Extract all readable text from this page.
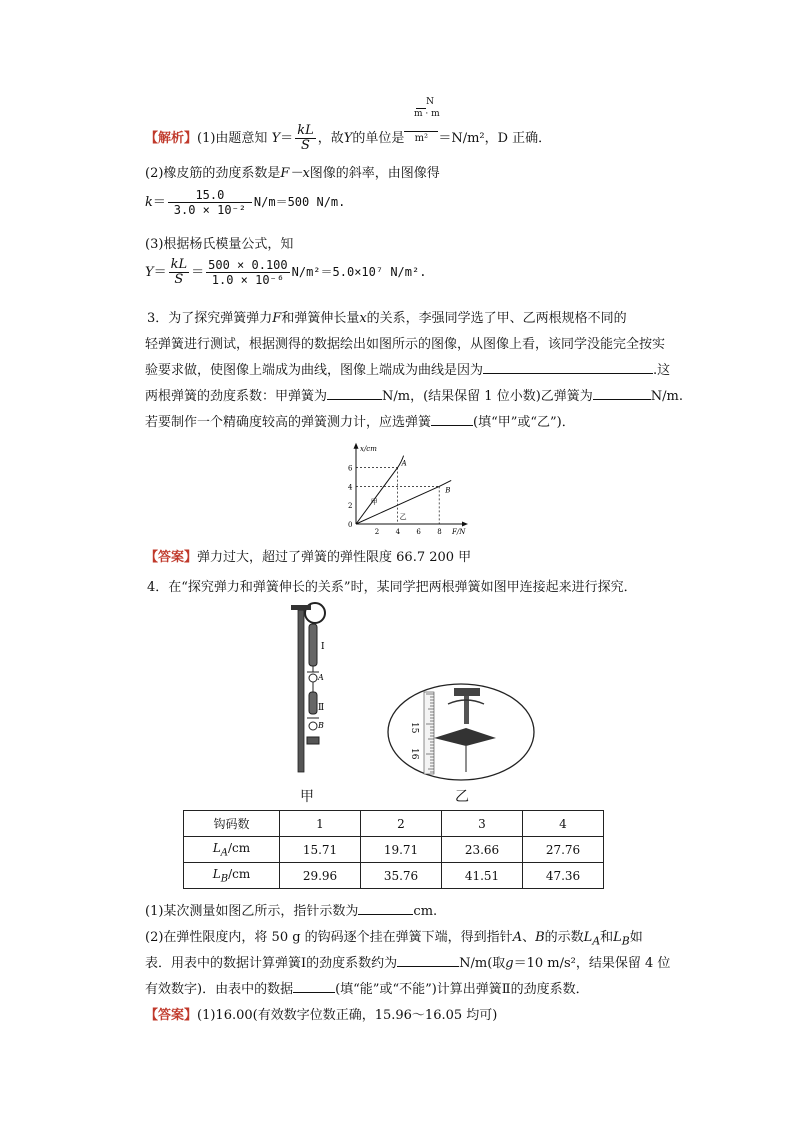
N
m · m
【解析】(1)由题意知 $Y= \frac{kL}{S}$ ，故Y的单位是	m² ＝N/m²，D 正确．
(2)橡皮筋的劲度系数是F－x图像的斜率，由图像得
$k= \frac{15.0}{\text{3.0 × 10⁻²}} N/m=500$ N/m.
(3)根据杨氏模量公式，知
$Y= \frac{kL}{S} = \frac{500 \times 0.100}{\text{1.0 × 10⁻⁶}} N/m^2=5.0\times 10^7$ N/m².
3．为了探究弹簧弹力F和弹簧伸长量x的关系，李强同学选了甲、乙两根规格不同的
轻弹簧进行测试，根据测得的数据绘出如图所示的图像，从图像上看，该同学没能完全按实
验要求做，使图像上端成为曲线，图像上端成为曲线是因为	.这
两根弹簧的劲度系数：甲弹簧为	N/m，(结果保留 1 位小数)乙弹簧为	N/m.
若要制作一个精确度较高的弹簧测力计，应选弹簧	(填“甲”或“乙”)．
x/cm
F/N
0
2 4 6 8
2
4
6
A
甲
B
乙
【答案】弹力过大，超过了弹簧的弹性限度 66.7 200 甲
4．在“探究弹力和弹簧伸长的关系”时，某同学把两根弹簧如图甲连接起来进行探究．
Ⅰ
A
Ⅱ
B	15
16
甲	乙
钩码数	1	2	3	4
$L_A/cm$	15.71	19.71	23.66	27.76
$L_B/cm$	29.96	35.76	41.51	47.36
(1)某次测量如图乙所示，指针示数为	cm.
(2)在弹性限度内，将 50 g 的钩码逐个挂在弹簧下端，得到指针A、B的示数$L_A$和$L_B$如
表．用表中的数据计算弹簧Ⅰ的劲度系数约为	N/m(取g＝10 m/s²，结果保留 4 位
有效数字)．由表中的数据	(填“能”或“不能”)计算出弹簧Ⅱ的劲度系数．
【答案】(1)16.00(有效数字位数正确，15.96～16.05 均可)
